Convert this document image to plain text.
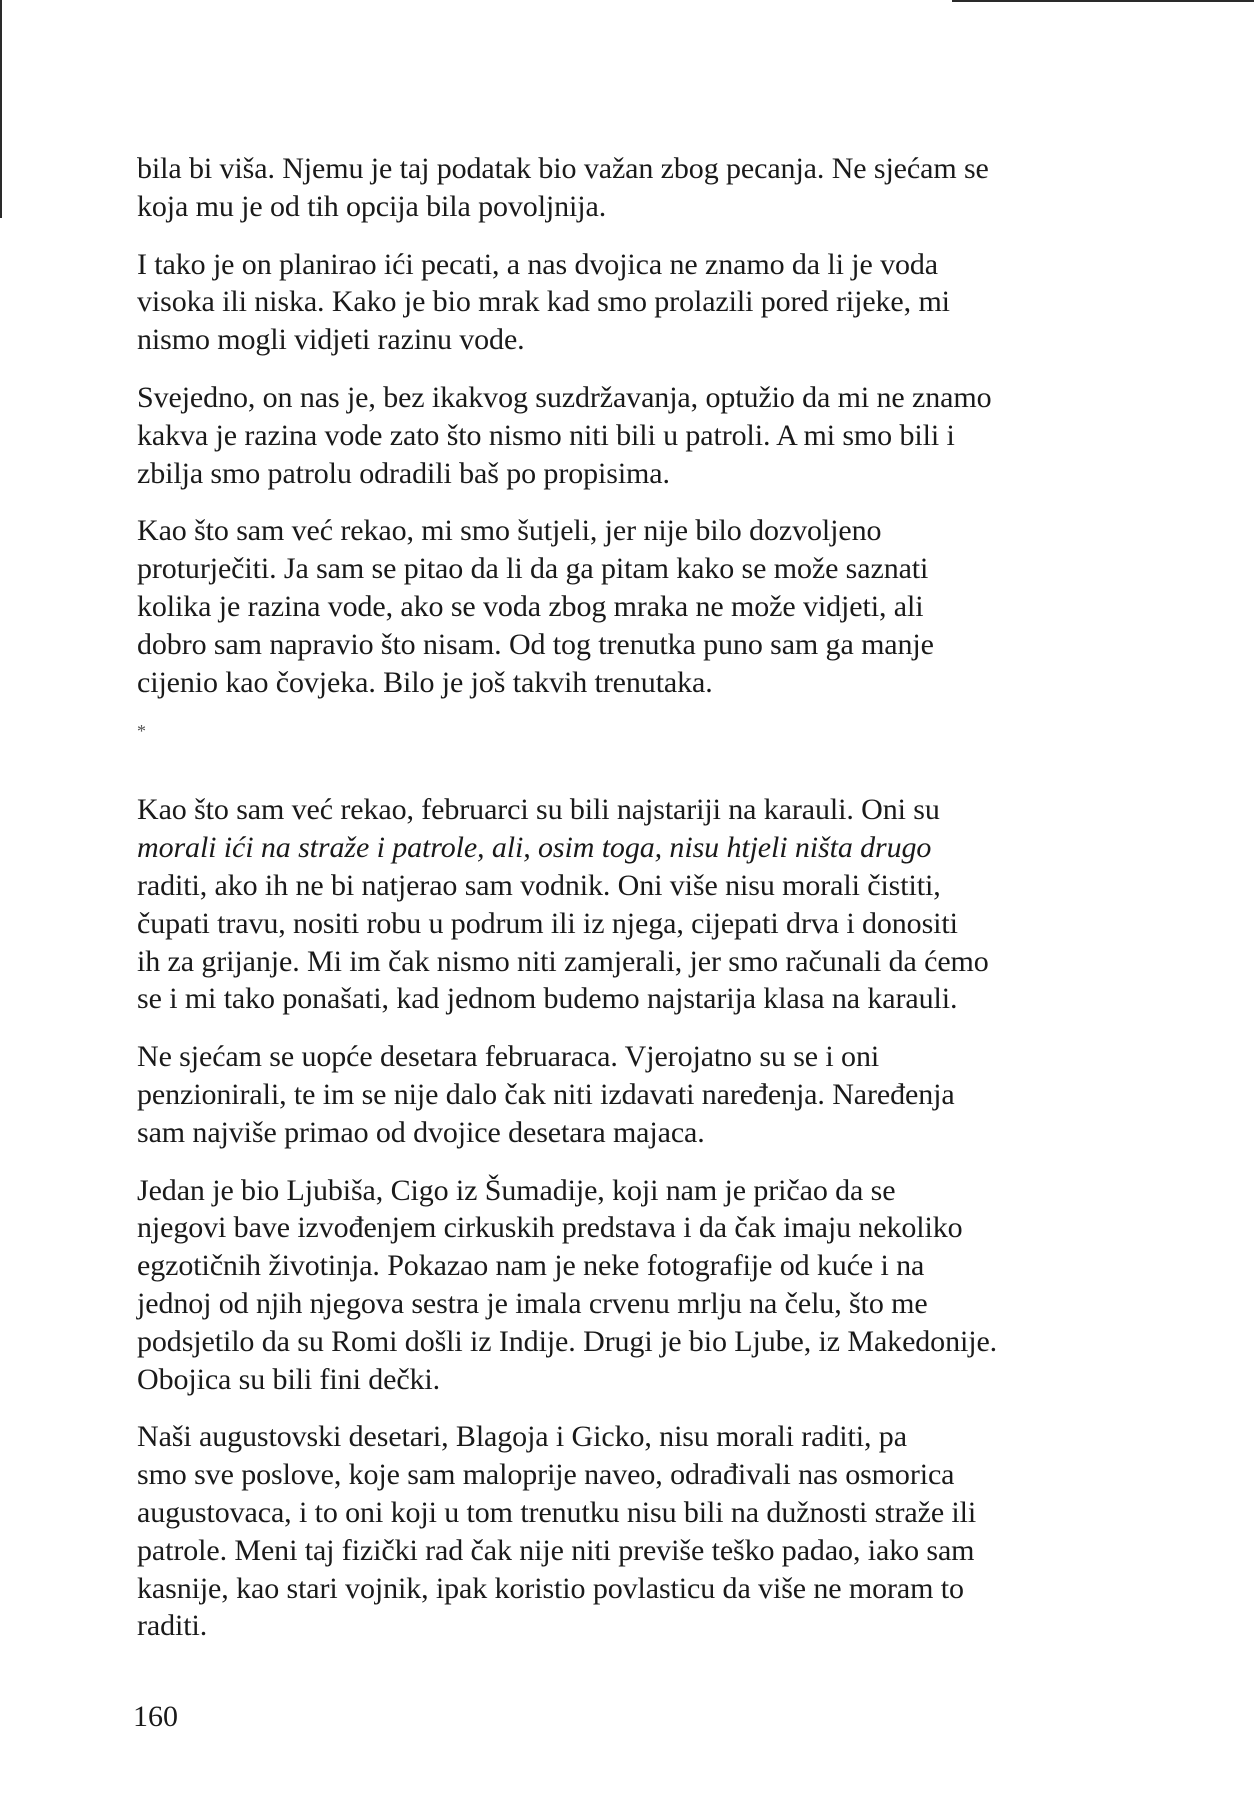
bila bi viša. Njemu je taj podatak bio važan zbog pecanja. Ne sjećam se
koja mu je od tih opcija bila povoljnija.

I tako je on planirao ići pecati, a nas dvojica ne znamo da li je voda
visoka ili niska. Kako je bio mrak kad smo prolazili pored rijeke, mi
nismo mogli vidjeti razinu vode.

Svejedno, on nas je, bez ikakvog suzdržavanja, optužio da mi ne znamo
kakva je razina vode zato što nismo niti bili u patroli. A mi smo bili i
zbilja smo patrolu odradili baš po propisima.

Kao što sam već rekao, mi smo šutjeli, jer nije bilo dozvoljeno
proturječiti. Ja sam se pitao da li da ga pitam kako se može saznati
kolika je razina vode, ako se voda zbog mraka ne može vidjeti, ali
dobro sam napravio što nisam. Od tog trenutka puno sam ga manje
cijenio kao čovjeka. Bilo je još takvih trenutaka.

*

Kao što sam već rekao, februarci su bili najstariji na karauli. Oni su
morali ići na straže i patrole, ali, osim toga, nisu htjeli ništa drugo
raditi, ako ih ne bi natjerao sam vodnik. Oni više nisu morali čistiti,
čupati travu, nositi robu u podrum ili iz njega, cijepati drva i donositi
ih za grijanje. Mi im čak nismo niti zamjerali, jer smo računali da ćemo
se i mi tako ponašati, kad jednom budemo najstarija klasa na karauli.

Ne sjećam se uopće desetara februaraca. Vjerojatno su se i oni
penzionirali, te im se nije dalo čak niti izdavati naređenja. Naređenja
sam najviše primao od dvojice desetara majaca.

Jedan je bio Ljubiša, Cigo iz Šumadije, koji nam je pričao da se
njegovi bave izvođenjem cirkuskih predstava i da čak imaju nekoliko
egzotičnih životinja. Pokazao nam je neke fotografije od kuće i na
jednoj od njih njegova sestra je imala crvenu mrlju na čelu, što me
podsjetilo da su Romi došli iz Indije. Drugi je bio Ljube, iz Makedonije.
Obojica su bili fini dečki.

Naši augustovski desetari, Blagoja i Gicko, nisu morali raditi, pa
smo sve poslove, koje sam maloprije naveo, odrađivali nas osmorica
augustovaca, i to oni koji u tom trenutku nisu bili na dužnosti straže ili
patrole. Meni taj fizički rad čak nije niti previše teško padao, iako sam
kasnije, kao stari vojnik, ipak koristio povlasticu da više ne moram to
raditi.

160
